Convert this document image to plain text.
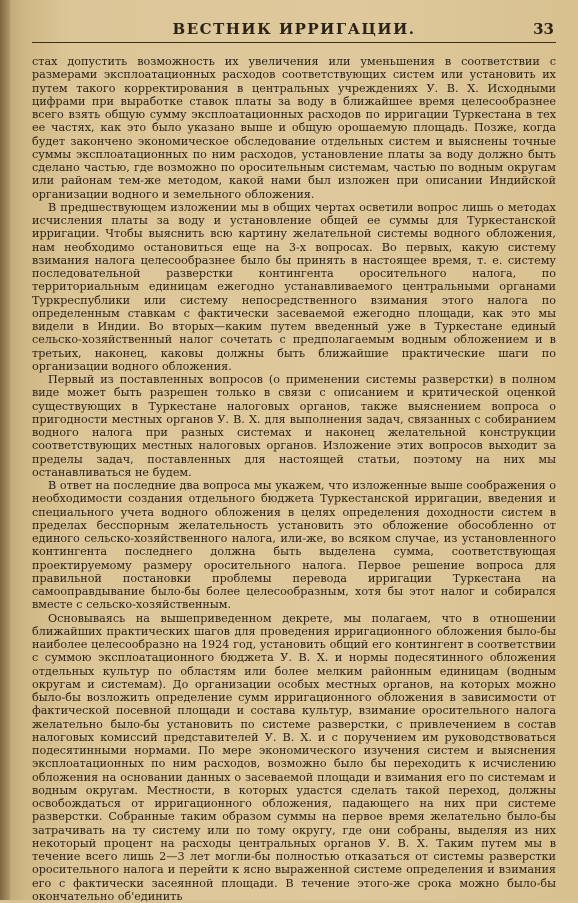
ВЕСТНИК ИРРИГАЦИИ.	33

стах допустить возможность их увеличения или уменьшения в соответствии с размерами эксплоатационных расходов соответствующих систем или установить их путем такого корректирования в центральных учреждениях У. В. Х. Исходными цифрами при выработке ставок платы за воду в ближайшее время целесообразнее всего взять общую сумму эксплоатационных расходов по ирригации Туркестана в тех ее частях, как это было указано выше и общую орошаемую площадь. Позже, когда будет закончено экономическое обследование отдельных систем и выяснены точные суммы эксплоатационных по ним расходов, установление платы за воду должно быть сделано частью, где возможно по оросительным системам, частью по водным округам или районам тем-же методом, какой нами был изложен при описании Индийской организации водного и земельного обложения.

В предшествующем изложении мы в общих чертах осветили вопрос лишь о методах исчисления платы за воду и установление общей ее суммы для Туркестанской ирригации. Чтобы выяснить всю картину желательной системы водного обложения, нам необходимо остановиться еще на 3-х вопросах. Во первых, какую систему взимания налога целесообразнее было бы принять в настоящее время, т. е. систему последовательной разверстки контингента оросительного налога, по территориальным единицам ежегодно устанавливаемого центральными органами Туркреспублики или систему непосредственного взимания этого налога по определенным ставкам с фактически засеваемой ежегодно площади, как это мы видели в Индии. Во вторых—каким путем введенный уже в Туркестане единый сельско-хозяйственный налог сочетать с предполагаемым водным обложением и в третьих, наконец, каковы должны быть ближайшие практические шаги по организации водного обложения.

Первый из поставленных вопросов (о применении системы разверстки) в полном виде может быть разрешен только в связи с описанием и критической оценкой существующих в Туркестане налоговых органов, также выяснением вопроса о пригодности местных органов У. В. Х. для выполнения задач, связанных с собиранием водного налога при разных системах и наконец желательной конструкции соответствующих местных налоговых органов. Изложение этих вопросов выходит за пределы задач, поставленных для настоящей статьи, поэтому на них мы останавливаться не будем.

В ответ на последние два вопроса мы укажем, что изложенные выше соображения о необходимости создания отдельного бюджета Туркестанской ирригации, введения и специального учета водного обложения в целях определения доходности систем в пределах бесспорным желательность установить это обложение обособленно от единого сельско-хозяйственного налога, или-же, во всяком случае, из установленного контингента последнего должна быть выделена сумма, соответствующая проектируемому размеру оросительного налога. Первое решение вопроса для правильной постановки проблемы перевода ирригации Туркестана на самооправдывание было-бы более целесообразным, хотя бы этот налог и собирался вместе с сельско-хозяйственным.

Основываясь на вышеприведенном декрете, мы полагаем, что в отношении ближайших практических шагов для проведения ирригационного обложения было-бы наиболее целесообразно на 1924 год, установить общий его контингент в соответствии с суммою эксплоатационного бюджета У. В. Х. и нормы подесятинного обложения отдельных культур по областям или более мелким районным единицам (водным округам и системам). До организации особых местных органов, на которых можно было-бы возложить определение сумм ирригационного обложения в зависимости от фактической посевной площади и состава культур, взимание оросительного налога желательно было-бы установить по системе разверстки, с привлечением в состав налоговых комиссий представителей У. В. Х. и с поручением им руководствоваться подесятинными нормами. По мере экономического изучения систем и выяснения эксплоатационных по ним расходов, возможно было бы переходить к исчислению обложения на основании данных о засеваемой площади и взимания его по системам и водным округам. Местности, в которых удастся сделать такой переход, должны освобождаться от ирригационного обложения, падающего на них при системе разверстки. Собранные таким образом суммы на первое время желательно было-бы затрачивать на ту систему или по тому округу, где они собраны, выделяя из них некоторый процент на расходы центральных органов У. В. Х. Таким путем мы в течение всего лишь 2—3 лет могли-бы полностью отказаться от системы разверстки оросительного налога и перейти к ясно выраженной системе определения и взимания его с фактически засеянной площади. В течение этого-же срока можно было-бы окончательно об'единить
